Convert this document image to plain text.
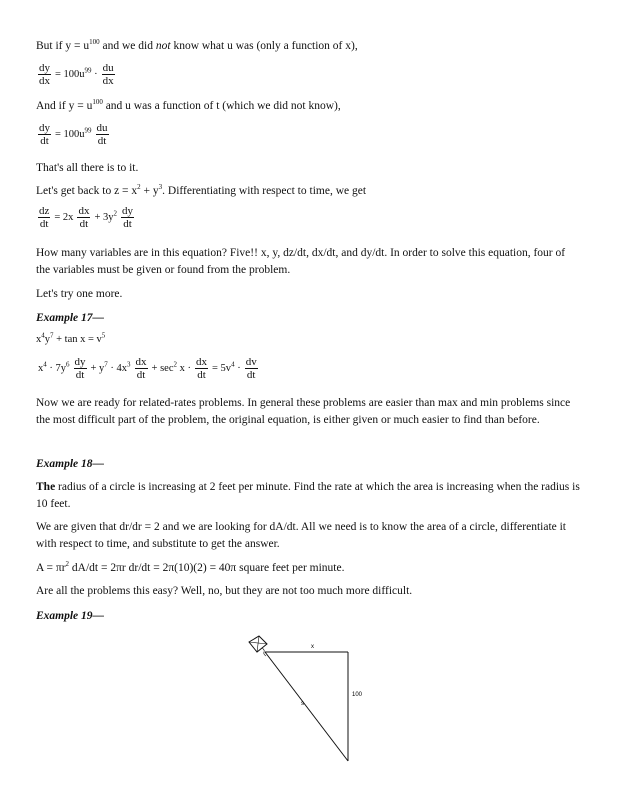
But if $y = u^{100}$ and we did not know what u was (only a function of x),

$\frac{dy}{dx} = 100u^{99} \cdot \frac{du}{dx}$

And if $y = u^{100}$ and u was a function of t (which we did not know),

$\frac{dy}{dt} = 100u^{99} \frac{du}{dt}$

That's all there is to it.

Let's get back to $z = x^2 + y^3$. Differentiating with respect to time, we get

$\frac{dz}{dt} = 2x \frac{dx}{dt} + 3y^2 \frac{dy}{dt}$

How many variables are in this equation? Five!! x, y, dz/dt, dx/dt, and dy/dt. In order to solve this equation, four of the variables must be given or found from the problem.

Let's try one more.

Example 17—

$x^4y^7 + \tan x = v^5$
$x^4 \cdot 7y^6 \frac{dy}{dt} + y^7 \cdot 4x^3 \frac{dx}{dt} + \sec^2 x \cdot \frac{dx}{dt} = 5v^4 \cdot \frac{dv}{dt}$

Now we are ready for related-rates problems. In general these problems are easier than max and min problems since the most difficult part of the problem, the original equation, is either given or much easier to find than before.

Example 18—

The radius of a circle is increasing at 2 feet per minute. Find the rate at which the area is increasing when the radius is 10 feet.

We are given that dr/dr = 2 and we are looking for dA/dt. All we need is to know the area of a circle, differentiate it with respect to time, and substitute to get the answer.

$A = \pi r^2$ dA/dt = 2πr dr/dt = 2π(10)(2) = 40π square feet per minute.

Are all the problems this easy? Well, no, but they are not too much more difficult.

Example 19—

x
100
s
